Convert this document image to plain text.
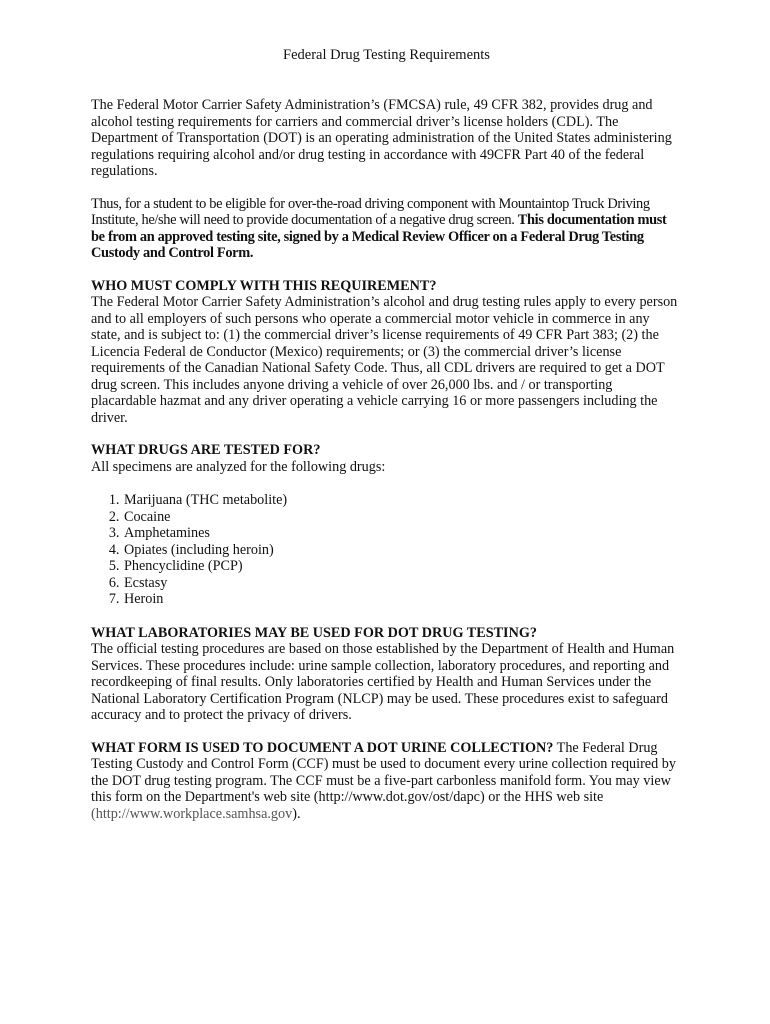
Federal Drug Testing Requirements

The Federal Motor Carrier Safety Administration’s (FMCSA) rule, 49 CFR 382, provides drug and alcohol testing requirements for carriers and commercial driver’s license holders (CDL). The Department of Transportation (DOT) is an operating administration of the United States administering regulations requiring alcohol and/or drug testing in accordance with 49CFR Part 40 of the federal regulations.

Thus, for a student to be eligible for over-the-road driving component with Mountaintop Truck Driving Institute, he/she will need to provide documentation of a negative drug screen. This documentation must be from an approved testing site, signed by a Medical Review Officer on a Federal Drug Testing Custody and Control Form.

WHO MUST COMPLY WITH THIS REQUIREMENT?

The Federal Motor Carrier Safety Administration’s alcohol and drug testing rules apply to every person and to all employers of such persons who operate a commercial motor vehicle in commerce in any state, and is subject to: (1) the commercial driver’s license requirements of 49 CFR Part 383; (2) the Licencia Federal de Conductor (Mexico) requirements; or (3) the commercial driver’s license requirements of the Canadian National Safety Code. Thus, all CDL drivers are required to get a DOT drug screen. This includes anyone driving a vehicle of over 26,000 lbs. and / or transporting placardable hazmat and any driver operating a vehicle carrying 16 or more passengers including the driver.

WHAT DRUGS ARE TESTED FOR?

All specimens are analyzed for the following drugs:

1. Marijuana (THC metabolite)
2. Cocaine
3. Amphetamines
4. Opiates (including heroin)
5. Phencyclidine (PCP)
6. Ecstasy
7. Heroin

WHAT LABORATORIES MAY BE USED FOR DOT DRUG TESTING?

The official testing procedures are based on those established by the Department of Health and Human Services. These procedures include: urine sample collection, laboratory procedures, and reporting and recordkeeping of final results. Only laboratories certified by Health and Human Services under the National Laboratory Certification Program (NLCP) may be used. These procedures exist to safeguard accuracy and to protect the privacy of drivers.

WHAT FORM IS USED TO DOCUMENT A DOT URINE COLLECTION? The Federal Drug Testing Custody and Control Form (CCF) must be used to document every urine collection required by the DOT drug testing program. The CCF must be a five-part carbonless manifold form. You may view this form on the Department's web site (http://www.dot.gov/ost/dapc) or the HHS web site (http://www.workplace.samhsa.gov).
